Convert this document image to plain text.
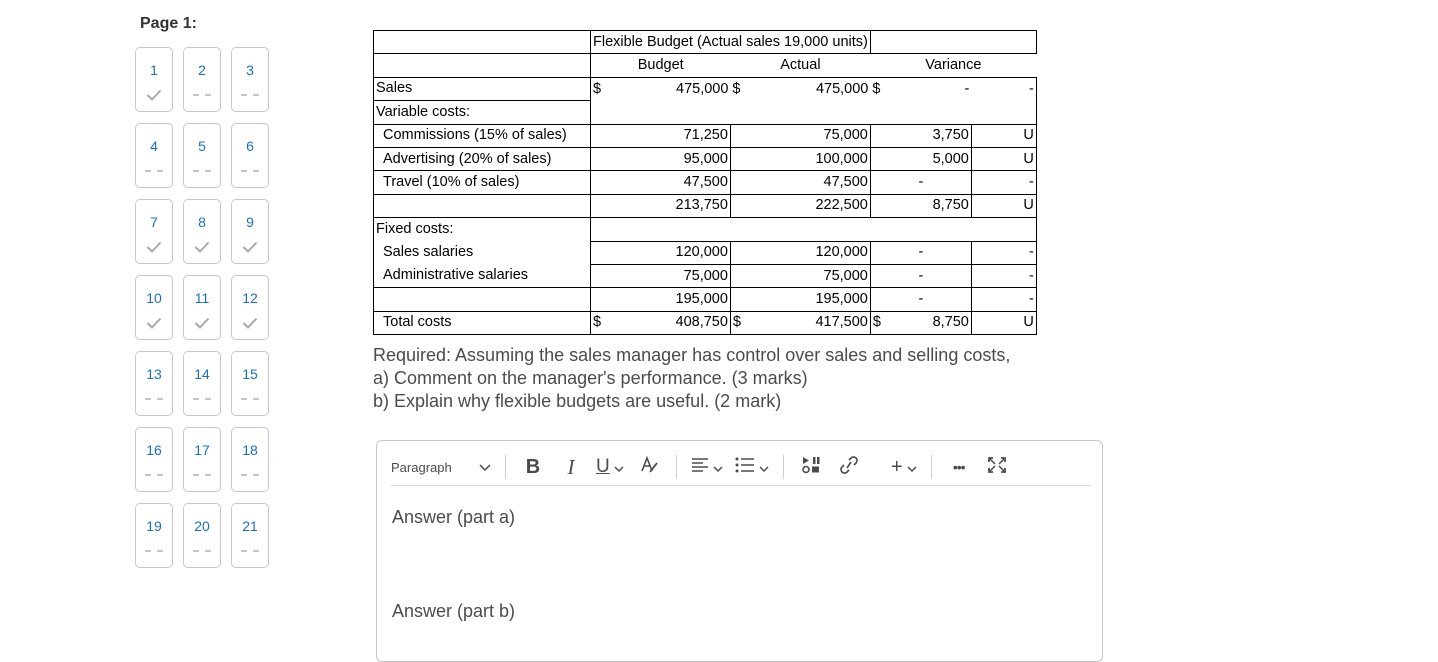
Page 1:
1	2	3
4	5	6
7	8	9
10 11 12
13 14 15
16 17 18
19 20 21
	Flexible Budget (Actual sales 19,000 units)			
	Budget	Actual	Variance	
Sales	$ 475,000	$ 475,000	$ -	-
Variable costs:				
Commissions (15% of sales)	71,250	75,000	3,750	U
Advertising (20% of sales)	95,000	100,000	5,000	U
Travel (10% of sales)	47,500	47,500	-	-
	213,750	222,500	8,750	U
Fixed costs:				
Sales salaries	120,000	120,000	-	-
Administrative salaries	75,000	75,000	-	-
	195,000	195,000	-	-
Total costs	$ 408,750	$ 417,500	$ 8,750	U
Required: Assuming the sales manager has control over sales and selling costs,
a) Comment on the manager's performance. (3 marks)
b) Explain why flexible budgets are useful. (2 mark)
Paragraph	B	I	U	+	•••
Answer (part a)
Answer (part b)
